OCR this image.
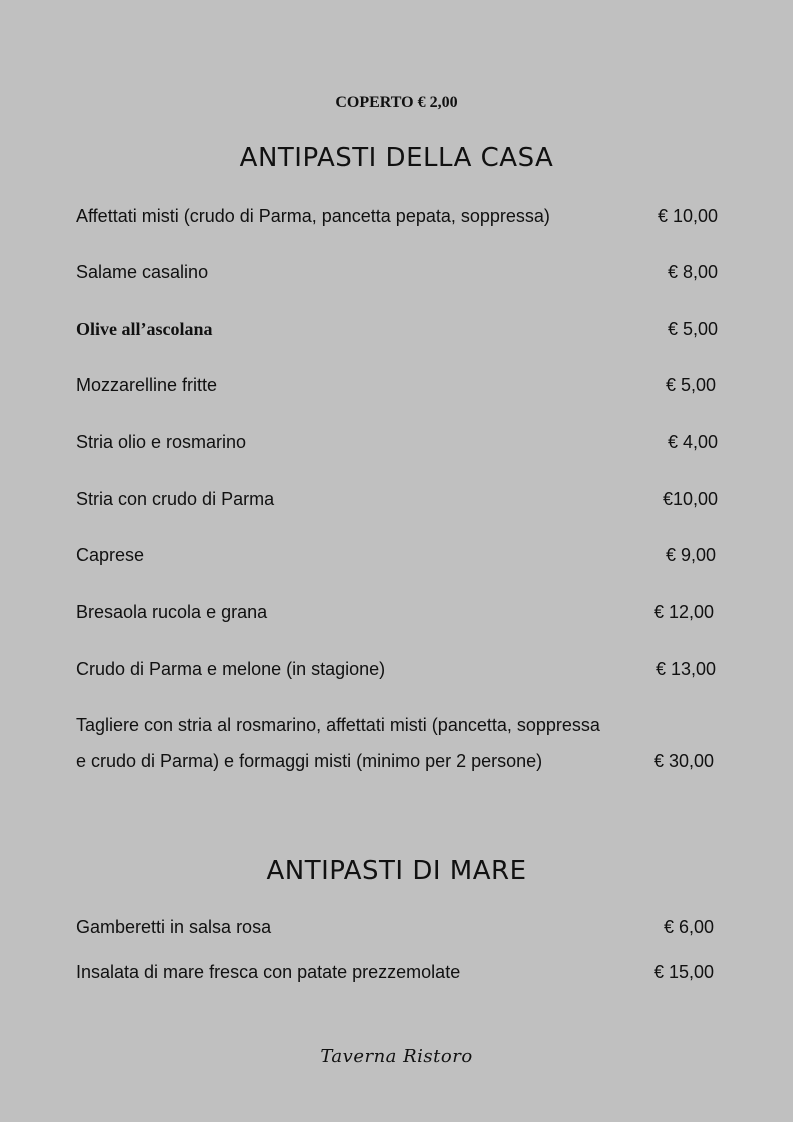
COPERTO € 2,00
ANTIPASTI DELLA CASA
Affettati misti (crudo di Parma, pancetta pepata, soppressa)	€ 10,00
Salame casalino	€ 8,00
Olive all’ascolana	€ 5,00
Mozzarelline fritte	€ 5,00
Stria olio e rosmarino	€ 4,00
Stria con crudo di Parma	€10,00
Caprese	€ 9,00
Bresaola rucola e grana	€ 12,00
Crudo di Parma e melone (in stagione)	€ 13,00
Tagliere con stria al rosmarino, affettati misti (pancetta, soppressa
e crudo di Parma) e formaggi misti (minimo per 2 persone)	€ 30,00
ANTIPASTI DI MARE
Gamberetti in salsa rosa	€ 6,00
Insalata di mare fresca con patate prezzemolate	€ 15,00
Taverna Ristoro
